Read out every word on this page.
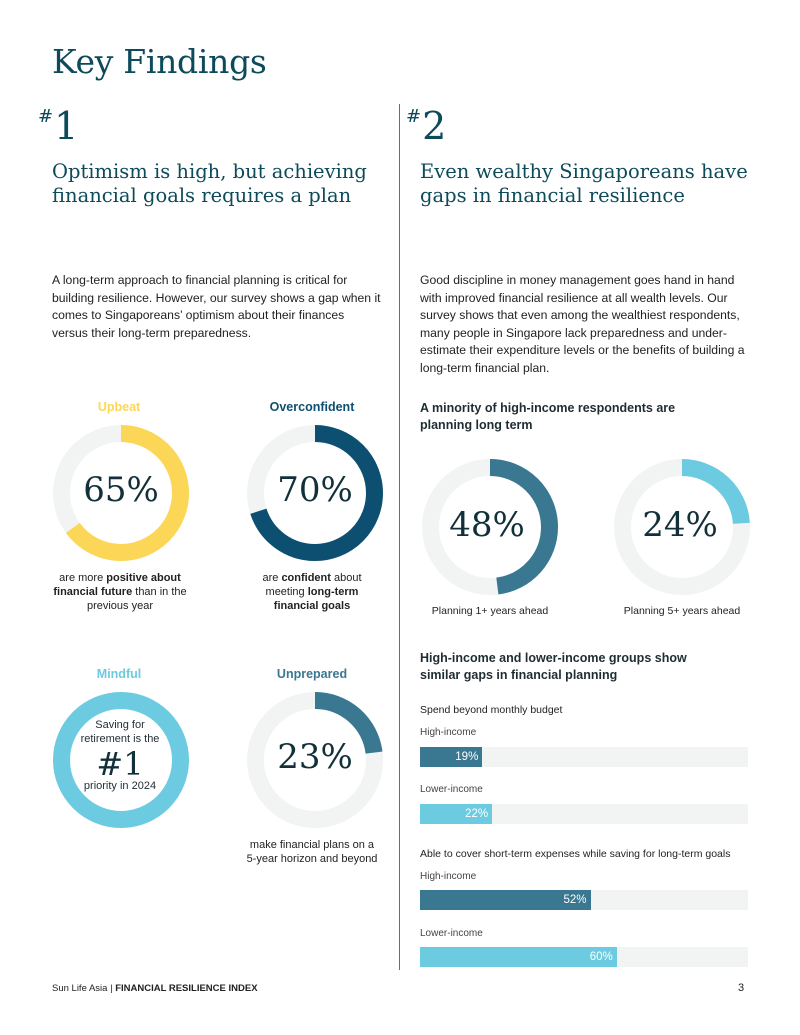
Key Findings
#1
Optimism is high, but achieving financial goals requires a plan

A long-term approach to financial planning is critical for building resilience. However, our survey shows a gap when it comes to Singaporeans’ optimism about their finances versus their long-term preparedness.

Upbeat
65%
are more positive about financial future than in the previous year
Overconfident
70%
are confident about meeting long-term financial goals
Mindful
Saving for retirement is the
#1
priority in 2024
Unprepared
23%
make financial plans on a 5-year horizon and beyond
#2
Even wealthy Singaporeans have gaps in financial resilience

Good discipline in money management goes hand in hand with improved financial resilience at all wealth levels. Our survey shows that even among the wealthiest respondents, many people in Singapore lack preparedness and under-estimate their expenditure levels or the benefits of building a long-term financial plan.

A minority of high-income respondents are planning long term
48%
Planning 1+ years ahead
24%
Planning 5+ years ahead
High-income and lower-income groups show similar gaps in financial planning
Spend beyond monthly budget
High-income
19%
Lower-income
22%
Able to cover short-term expenses while saving for long-term goals
High-income
52%
Lower-income
60%
Sun Life Asia | FINANCIAL RESILIENCE INDEX	3
